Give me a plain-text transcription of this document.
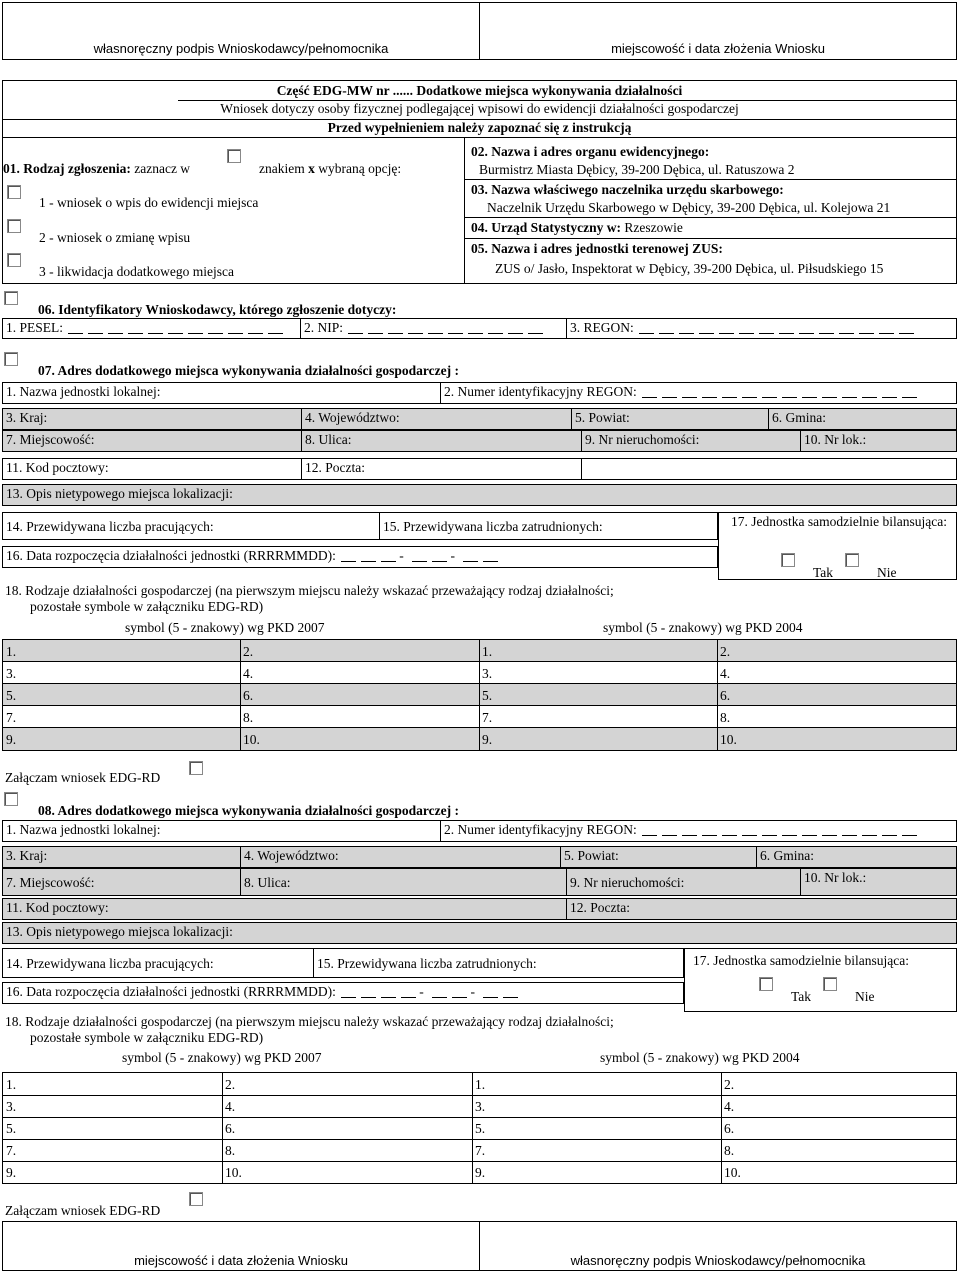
własnoręczny podpis Wnioskodawcy/pełnomocnika	miejscowość i data złożenia Wniosku
Część EDG-MW nr ...... Dodatkowe miejsca wykonywania działalności
Wniosek dotyczy osoby fizycznej podlegającej wpisowi do ewidencji działalności gospodarczej
Przed wypełnieniem należy zapoznać się z instrukcją
01. Rodzaj zgłoszenia: zaznacz w	znakiem x wybraną opcję:
1 - wniosek o wpis do ewidencji miejsca
2 - wniosek o zmianę wpisu
3 - likwidacja dodatkowego miejsca
02. Nazwa i adres organu ewidencyjnego:
Burmistrz Miasta Dębicy, 39-200 Dębica, ul. Ratuszowa 2
03. Nazwa właściwego naczelnika urzędu skarbowego:
Naczelnik Urzędu Skarbowego w Dębicy, 39-200 Dębica, ul. Kolejowa 21
04. Urząd Statystyczny w: Rzeszowie
05. Nazwa i adres jednostki terenowej ZUS:
ZUS o/ Jasło, Inspektorat w Dębicy, 39-200 Dębica, ul. Piłsudskiego 15
06. Identyfikatory Wnioskodawcy, którego zgłoszenie dotyczy:
1. PESEL:	2. NIP:	3. REGON:
07. Adres dodatkowego miejsca wykonywania działalności gospodarczej :
1. Nazwa jednostki lokalnej:	2. Numer identyfikacyjny REGON:
3. Kraj:	4. Województwo:	5. Powiat:	6. Gmina:
7. Miejscowość:	8. Ulica:	9. Nr nieruchomości:	10. Nr lok.:
11. Kod pocztowy:	12. Poczta:
13. Opis nietypowego miejsca lokalizacji:
14. Przewidywana liczba pracujących:	15. Przewidywana liczba zatrudnionych:
16. Data rozpoczęcia działalności jednostki (RRRRMMDD):	-	-
17. Jednostka samodzielnie bilansująca:
Tak	Nie
18. Rodzaje działalności gospodarczej (na pierwszym miejscu należy wskazać przeważający rodzaj działalności;
pozostałe symbole w załączniku EDG-RD)
symbol (5 - znakowy) wg PKD 2007	symbol (5 - znakowy) wg PKD 2004
1.	2.	1.	2.
3.	4.	3.	4.
5.	6.	5.	6.
7.	8.	7.	8.
9.	10.	9.	10.
Załączam wniosek EDG-RD
08. Adres dodatkowego miejsca wykonywania działalności gospodarczej :
1. Nazwa jednostki lokalnej:	2. Numer identyfikacyjny REGON:
3. Kraj:	4. Województwo:	5. Powiat:	6. Gmina:
7. Miejscowość:	8. Ulica:	9. Nr nieruchomości:	10. Nr lok.:
11. Kod pocztowy:	12. Poczta:
13. Opis nietypowego miejsca lokalizacji:
14. Przewidywana liczba pracujących:	15. Przewidywana liczba zatrudnionych:
16. Data rozpoczęcia działalności jednostki (RRRRMMDD):	-	-
17. Jednostka samodzielnie bilansująca:
Tak	Nie
18. Rodzaje działalności gospodarczej (na pierwszym miejscu należy wskazać przeważający rodzaj działalności;
pozostałe symbole w załączniku EDG-RD)
symbol (5 - znakowy) wg PKD 2007	symbol (5 - znakowy) wg PKD 2004
1.	2.	1.	2.
3.	4.	3.	4.
5.	6.	5.	6.
7.	8.	7.	8.
9.	10.	9.	10.
Załączam wniosek EDG-RD
miejscowość i data złożenia Wniosku	własnoręczny podpis Wnioskodawcy/pełnomocnika
